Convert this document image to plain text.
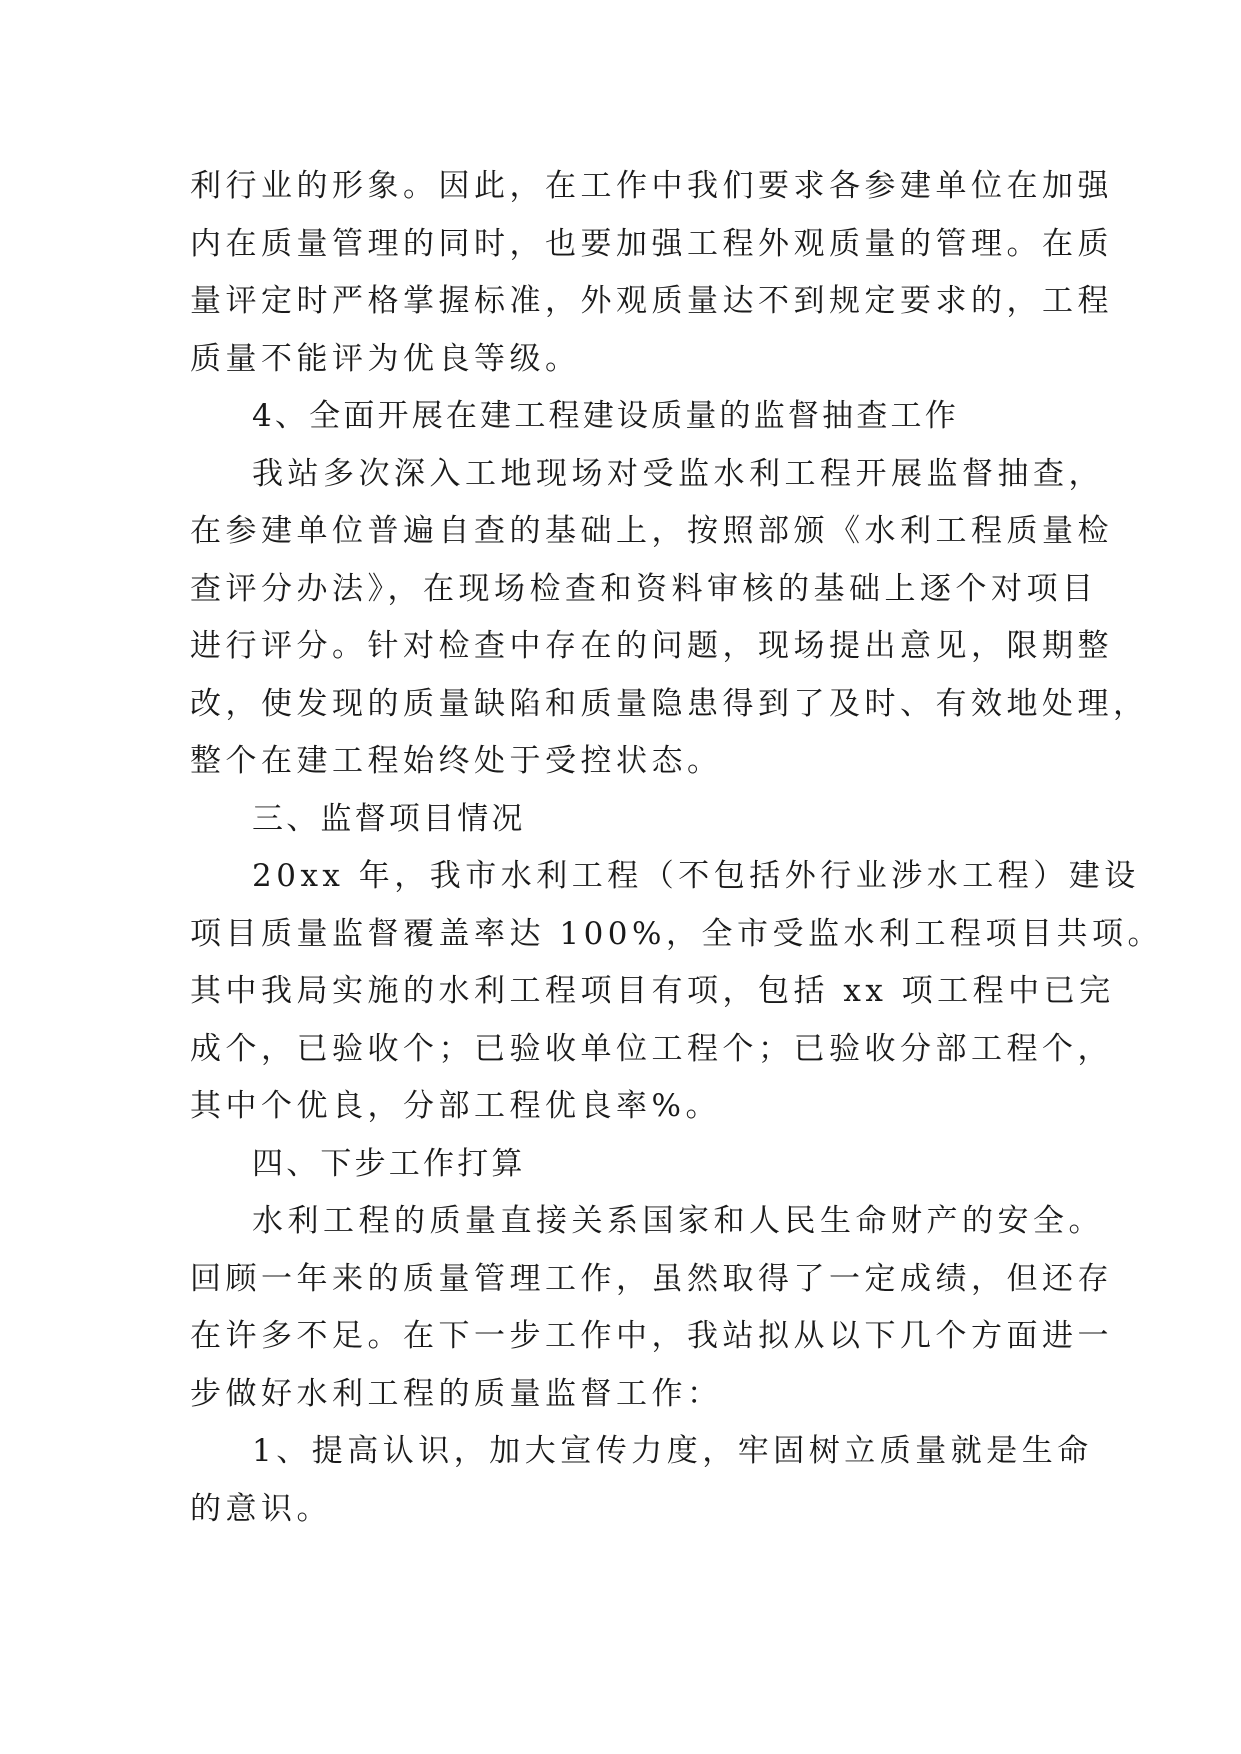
利行业的形象。因此，在工作中我们要求各参建单位在加强
内在质量管理的同时，也要加强工程外观质量的管理。在质
量评定时严格掌握标准，外观质量达不到规定要求的，工程
质量不能评为优良等级。
4、全面开展在建工程建设质量的监督抽查工作
我站多次深入工地现场对受监水利工程开展监督抽查，
在参建单位普遍自查的基础上，按照部颁《水利工程质量检
查评分办法》，在现场检查和资料审核的基础上逐个对项目
进行评分。针对检查中存在的问题，现场提出意见，限期整
改，使发现的质量缺陷和质量隐患得到了及时、有效地处理，
整个在建工程始终处于受控状态。
三、监督项目情况
20xx 年，我市水利工程（不包括外行业涉水工程）建设
项目质量监督覆盖率达 100%，全市受监水利工程项目共项。
其中我局实施的水利工程项目有项，包括 xx 项工程中已完
成个，已验收个；已验收单位工程个；已验收分部工程个，
其中个优良，分部工程优良率%。
四、下步工作打算
水利工程的质量直接关系国家和人民生命财产的安全。
回顾一年来的质量管理工作，虽然取得了一定成绩，但还存
在许多不足。在下一步工作中，我站拟从以下几个方面进一
步做好水利工程的质量监督工作：
1、提高认识，加大宣传力度，牢固树立质量就是生命
的意识。
